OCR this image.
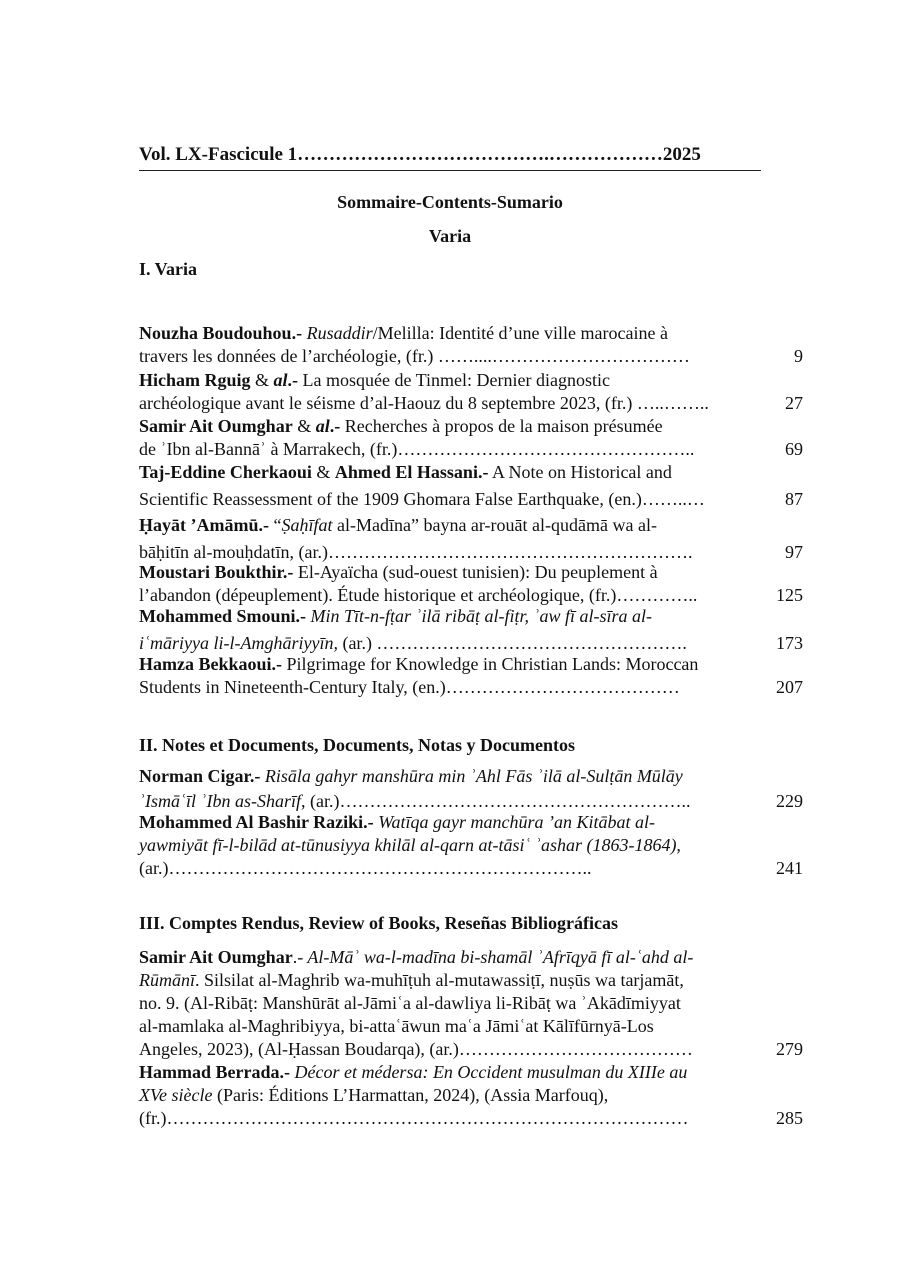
Vol. LX-Fascicule 1………………………………….………………2025
Sommaire-Contents-Sumario
Varia
I. Varia
Nouzha Boudouhou.- Rusaddir/Melilla: Identité d’une ville marocaine à
travers les données de l’archéologie, (fr.) ……....……………………………	9
Hicham Rguig & al.- La mosquée de Tinmel: Dernier diagnostic
archéologique avant le séisme d’al-Haouz du 8 septembre 2023, (fr.) …..……..	27
Samir Ait Oumghar & al.- Recherches à propos de la maison présumée
de ʾIbn al-Bannāʾ à Marrakech, (fr.)…………………………………………..	69
Taj-Eddine Cherkaoui & Ahmed El Hassani.- A Note on Historical and
Scientific Reassessment of the 1909 Ghomara False Earthquake, (en.)……..…	87
Ḥayāt ’Amāmū.- “Ṣaḥīfat al-Madīna” bayna ar-rouāt al-qudāmā wa al-
bāḥitīn al-mouḥdatīn, (ar.)…………………………………………………….	97
Moustari Boukthir.- El-Ayaïcha (sud-ouest tunisien): Du peuplement à
l’abandon (dépeuplement). Étude historique et archéologique, (fr.)…………..	125
Mohammed Smouni.- Min Tīt-n-fṭar ʾilā ribāṭ al-fiṭr, ʾaw fī al-sīra al-
iʿmāriyya li-l-Amghāriyyīn, (ar.) …………………………………………….	173
Hamza Bekkaoui.- Pilgrimage for Knowledge in Christian Lands: Moroccan
Students in Nineteenth-Century Italy, (en.)…………………………………	207
II. Notes et Documents, Documents, Notas y Documentos
Norman Cigar.- Risāla gahyr manshūra min ʾAhl Fās ʾilā al-Sulṭān Mūlāy
ʾIsmāʿīl ʾIbn as-Sharīf, (ar.)…………………………………………………..	229
Mohammed Al Bashir Raziki.- Watīqa gayr manchūra ’an Kitābat al-
yawmiyāt fī-l-bilād at-tūnusiyya khilāl al-qarn at-tāsiʿ ʾashar (1863-1864),
(ar.)……………………………………………………………..	241
III. Comptes Rendus, Review of Books, Reseñas Bibliográficas
Samir Ait Oumghar.- Al-Māʾ wa-l-madīna bi-shamāl ʾAfrīqyā fī al-ʿahd al-
Rūmānī. Silsilat al-Maghrib wa-muhīṭuh al-mutawassiṭī, nuṣūs wa tarjamāt,
no. 9. (Al-Ribāṭ: Manshūrāt al-Jāmiʿa al-dawliya li-Ribāṭ wa ʾAkādīmiyyat
al-mamlaka al-Maghribiyya, bi-attaʿāwun maʿa Jāmiʿat Kālīfūrnyā-Los
Angeles, 2023), (Al-Ḥassan Boudarqa), (ar.)…………………………………	279
Hammad Berrada.- Décor et médersa: En Occident musulman du XIIIe au
XVe siècle (Paris: Éditions L’Harmattan, 2024), (Assia Marfouq),
(fr.)……………………………………………………………………………	285
